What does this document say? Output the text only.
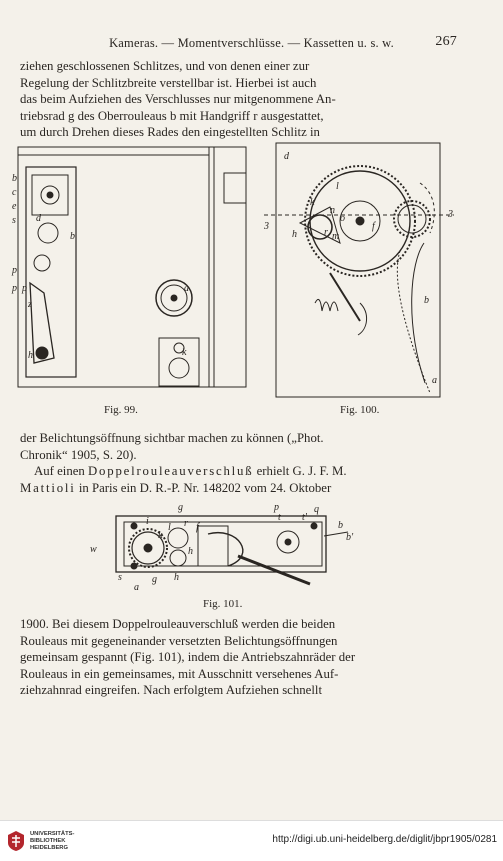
Kameras. — Momentverschlüsse. — Kassetten u. s. w.	267
ziehen geschlossenen Schlitzes, und von denen einer zur
Regelung der Schlitzbreite verstellbar ist. Hierbei ist auch
das beim Aufziehen des Verschlusses nur mitgenommene An-
triebsrad g des Oberrouleaus b mit Handgriff r ausgestattet,
um durch Drehen dieses Rades den eingestellten Schlitz in
b
c
e
s d
b
p
p p
z
h
a
k
Fig. 99.
d
l
k
n
o
r m
h
b
f
3
3
a
Fig. 100.
der Belichtungsöffnung sichtbar machen zu können („Phot.
Chronik“ 1905, S. 20).
Auf einen Doppelrouleauverschluß erhielt G. J. F. M.
Mattioli in Paris ein D. R.-P. Nr. 148202 vom 24. Oktober
g
i
l
k
r
h
f
t t'
q
p
w
s
a
g h
b'
b
Fig. 101.
1900. Bei diesem Doppelrouleauverschluß werden die beiden
Rouleaus mit gegeneinander versetzten Belichtungsöffnungen
gemeinsam gespannt (Fig. 101), indem die Antriebszahnräder der
Rouleaus in ein gemeinsames, mit Ausschnitt versehenes Auf-
ziehzahnrad eingreifen. Nach erfolgtem Aufziehen schnellt
UNIVERSITÄTS-
BIBLIOTHEK
HEIDELBERG
http://digi.ub.uni-heidelberg.de/diglit/jbpr1905/0281
